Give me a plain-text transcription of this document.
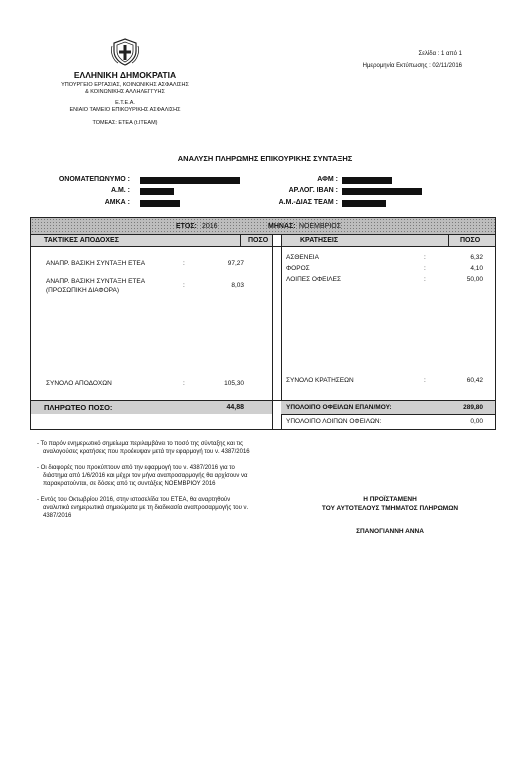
Σελίδα : 1 από 1
Ημερομηνία Εκτύπωσης : 02/11/2016
ΕΛΛΗΝΙΚΗ ΔΗΜΟΚΡΑΤΙΑ
ΥΠΟΥΡΓΕΙΟ ΕΡΓΑΣΙΑΣ, ΚΟΙΝΩΝΙΚΗΣ ΑΣΦΑΛΙΣΗΣ
& ΚΟΙΝΩΝΙΚΗΣ ΑΛΛΗΛΕΓΓΥΗΣ
Ε.Τ.Ε.Α.
ΕΝΙΑΙΟ ΤΑΜΕΙΟ ΕΠΙΚΟΥΡΙΚΗΣ ΑΣΦΑΛΙΣΗΣ
ΤΟΜΕΑΣ: ΕΤΕΑ (t.ΙΤΕΑΜ)
ΑΝΑΛΥΣΗ ΠΛΗΡΩΜΗΣ ΕΠΙΚΟΥΡΙΚΗΣ ΣΥΝΤΑΞΗΣ
ΟΝΟΜΑΤΕΠΩΝΥΜΟ :
Α.Μ. :
ΑΜΚΑ :
ΑΦΜ :
ΑΡ.ΛΟΓ. IBAN :
Α.Μ.-ΔΙΑΣ ΤΕΑΜ :
ΕΤΟΣ: 2016	ΜΗΝΑΣ: ΝΟΕΜΒΡΙΟΣ
ΤΑΚΤΙΚΕΣ ΑΠΟΔΟΧΕΣ	ΠΟΣΟ	ΚΡΑΤΗΣΕΙΣ	ΠΟΣΟ
ΑΝΑΠΡ. ΒΑΣΙΚΗ ΣΥΝΤΑΞΗ ΕΤΕΑ	:	97,27
ΑΝΑΠΡ. ΒΑΣΙΚΗ ΣΥΝΤΑΞΗ ΕΤΕΑ
(ΠΡΟΣΩΠΙΚΗ ΔΙΑΦΟΡΑ)
:	8,03
ΑΣΘΕΝΕΙΑ	:	6,32
ΦΟΡΟΣ	:	4,10
ΛΟΙΠΕΣ ΟΦΕΙΛΕΣ	:	50,00
ΣΥΝΟΛΟ ΑΠΟΔΟΧΩΝ	:	105,30	ΣΥΝΟΛΟ ΚΡΑΤΗΣΕΩΝ	:	60,42
ΠΛΗΡΩΤΕΟ ΠΟΣΟ:	44,88	ΥΠΟΛΟΙΠΟ ΟΦΕΙΛΩΝ ΕΠΑΝ/ΜΟΥ:	289,80
ΥΠΟΛΟΙΠΟ ΛΟΙΠΩΝ ΟΦΕΙΛΩΝ:	0,00
- Το παρόν ενημερωτικό σημείωμα περιλαμβάνει το ποσό της σύνταξης και τις
αναλογούσες κρατήσεις που προέκυψαν μετά την εφαρμογή του ν. 4387/2016
- Οι διαφορές που προκύπτουν από την εφαρμογή του ν. 4387/2016 για το
διάστημα από 1/6/2016 και μέχρι τον μήνα αναπροσαρμογής θα αρχίσουν να
παρακρατούνται, σε δόσεις από τις συντάξεις ΝΟΕΜΒΡΙΟΥ 2016
- Εντός του Οκτωβρίου 2016, στην ιστοσελίδα του ΕΤΕΑ, θα αναρτηθούν
αναλυτικά ενημερωτικά σημειώματα με τη διαδικασία αναπροσαρμογής του ν.
4387/2016
Η ΠΡΟΪΣΤΑΜΕΝΗ
ΤΟΥ ΑΥΤΟΤΕΛΟΥΣ ΤΜΗΜΑΤΟΣ ΠΛΗΡΩΜΩΝ
ΣΠΑΝΟΓΙΑΝΝΗ ΑΝΝΑ
